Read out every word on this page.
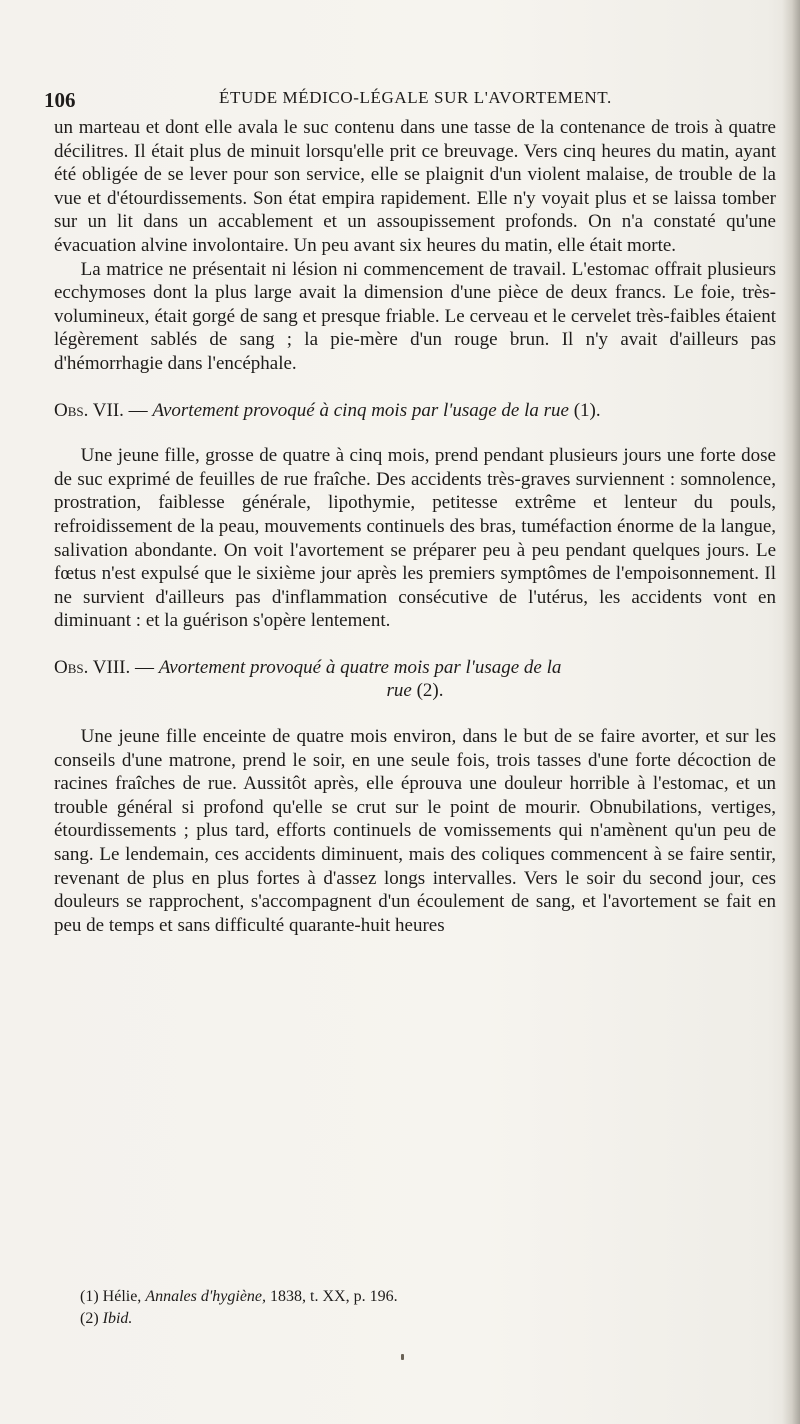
106	ÉTUDE MÉDICO-LÉGALE SUR L'AVORTEMENT.

un marteau et dont elle avala le suc contenu dans une tasse de la contenance de trois à quatre décilitres. Il était plus de minuit lorsqu'elle prit ce breuvage. Vers cinq heures du matin, ayant été obligée de se lever pour son service, elle se plaignit d'un violent malaise, de trouble de la vue et d'étourdissements. Son état empira rapidement. Elle n'y voyait plus et se laissa tomber sur un lit dans un accablement et un assoupissement profonds. On n'a constaté qu'une évacuation alvine involontaire. Un peu avant six heures du matin, elle était morte.

La matrice ne présentait ni lésion ni commencement de travail. L'estomac offrait plusieurs ecchymoses dont la plus large avait la dimension d'une pièce de deux francs. Le foie, très-volumineux, était gorgé de sang et presque friable. Le cerveau et le cervelet très-faibles étaient légèrement sablés de sang ; la pie-mère d'un rouge brun. Il n'y avait d'ailleurs pas d'hémorrhagie dans l'encéphale.

Obs. VII. — Avortement provoqué à cinq mois par l'usage de la rue (1).

Une jeune fille, grosse de quatre à cinq mois, prend pendant plusieurs jours une forte dose de suc exprimé de feuilles de rue fraîche. Des accidents très-graves surviennent : somnolence, prostration, faiblesse générale, lipothymie, petitesse extrême et lenteur du pouls, refroidissement de la peau, mouvements continuels des bras, tuméfaction énorme de la langue, salivation abondante. On voit l'avortement se préparer peu à peu pendant quelques jours. Le fœtus n'est expulsé que le sixième jour après les premiers symptômes de l'empoisonnement. Il ne survient d'ailleurs pas d'inflammation consécutive de l'utérus, les accidents vont en diminuant : et la guérison s'opère lentement.

Obs. VIII. — Avortement provoqué à quatre mois par l'usage de la
rue (2).

Une jeune fille enceinte de quatre mois environ, dans le but de se faire avorter, et sur les conseils d'une matrone, prend le soir, en une seule fois, trois tasses d'une forte décoction de racines fraîches de rue. Aussitôt après, elle éprouva une douleur horrible à l'estomac, et un trouble général si profond qu'elle se crut sur le point de mourir. Obnubilations, vertiges, étourdissements ; plus tard, efforts continuels de vomissements qui n'amènent qu'un peu de sang. Le lendemain, ces accidents diminuent, mais des coliques commencent à se faire sentir, revenant de plus en plus fortes à d'assez longs intervalles. Vers le soir du second jour, ces douleurs se rapprochent, s'accompagnent d'un écoulement de sang, et l'avortement se fait en peu de temps et sans difficulté quarante-huit heures

(1) Hélie, Annales d'hygiène, 1838, t. XX, p. 196.
(2) Ibid.
